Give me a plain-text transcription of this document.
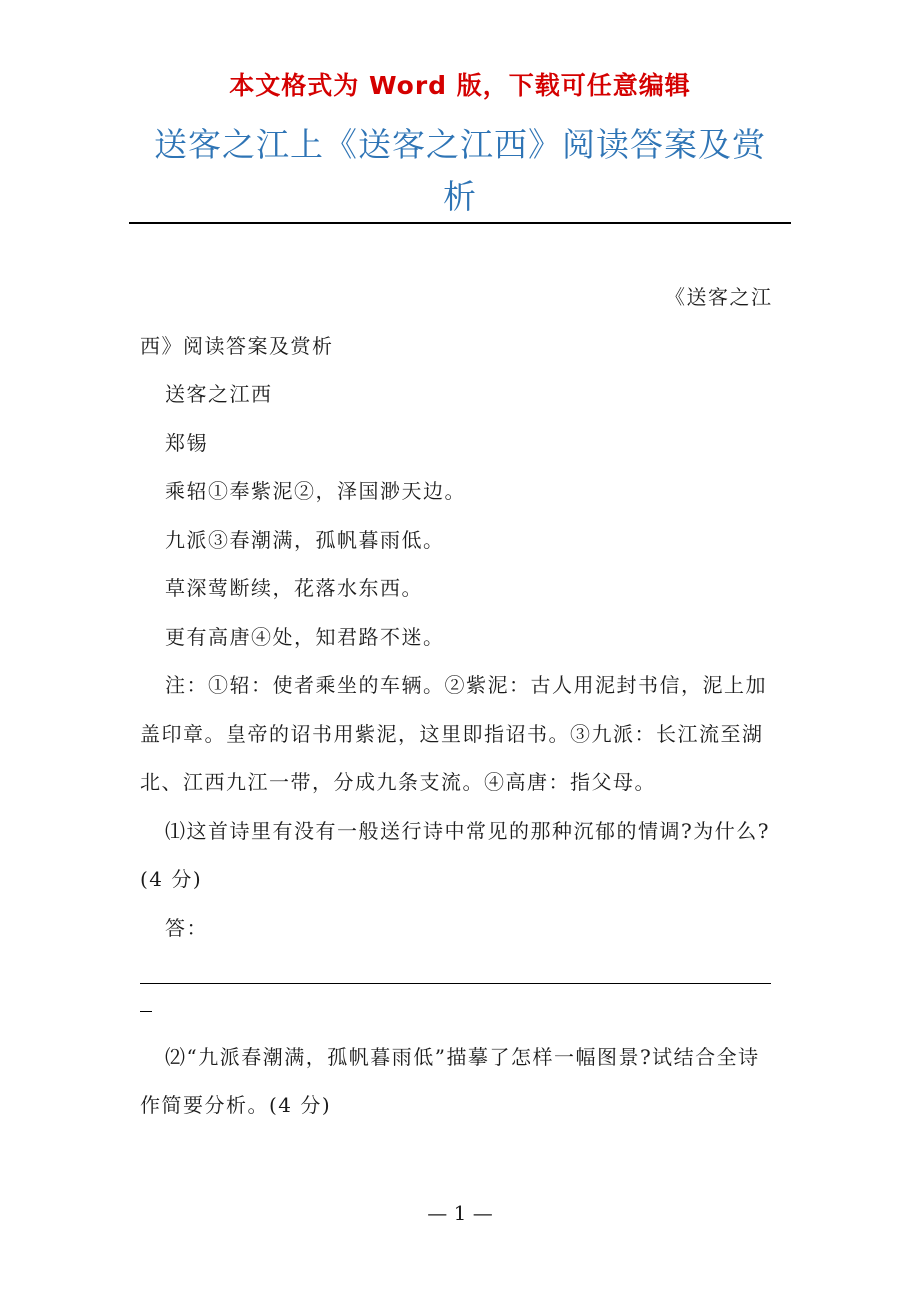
本文格式为 Word 版，下载可任意编辑
送客之江上《送客之江西》阅读答案及赏析

《送客之江西》阅读答案及赏析

送客之江西

郑锡

乘轺①奉紫泥②，泽国渺天边。

九派③春潮满，孤帆暮雨低。

草深莺断续，花落水东西。

更有高唐④处，知君路不迷。

注：①轺：使者乘坐的车辆。②紫泥：古人用泥封书信，泥上加盖印章。皇帝的诏书用紫泥，这里即指诏书。③九派：长江流至湖北、江西九江一带，分成九条支流。④高唐：指父母。

⑴这首诗里有没有一般送行诗中常见的那种沉郁的情调?为什么? (4 分)

答：

⑵“九派春潮满，孤帆暮雨低”描摹了怎样一幅图景?试结合全诗作简要分析。(4 分)

— 1 —
